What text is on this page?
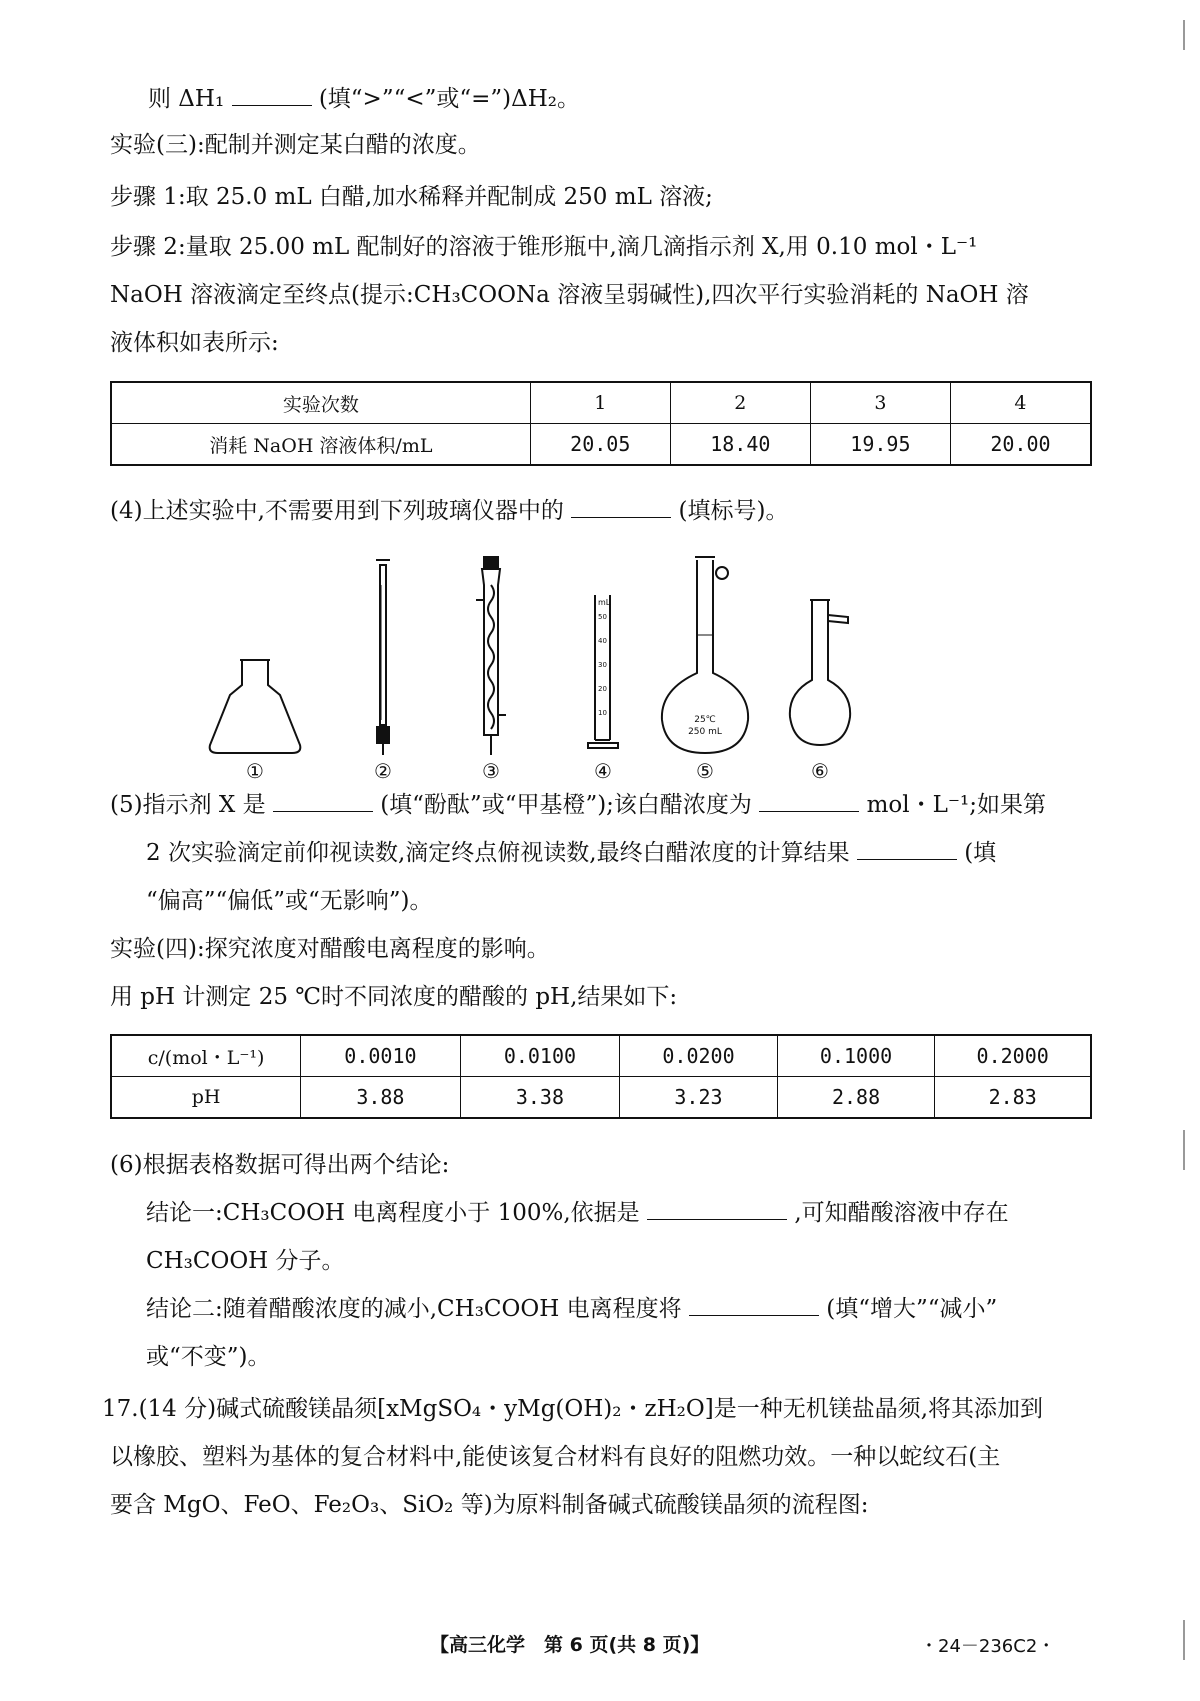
则 ΔH₁	(填“>”“<”或“=”)ΔH₂。
实验(三):配制并测定某白醋的浓度。
步骤 1:取 25.0 mL 白醋,加水稀释并配制成 250 mL 溶液;
步骤 2:量取 25.00 mL 配制好的溶液于锥形瓶中,滴几滴指示剂 X,用 0.10 mol・L⁻¹
NaOH 溶液滴定至终点(提示:CH₃COONa 溶液呈弱碱性),四次平行实验消耗的 NaOH 溶
液体积如表所示:
实验次数	1	2	3	4
消耗 NaOH 溶液体积/mL	20.05	18.40	19.95	20.00
(4)上述实验中,不需要用到下列玻璃仪器中的	(填标号)。
mL
50
40
30
20
10
25℃
250 mL
①	②	③	④	⑤	⑥
(5)指示剂 X 是	(填“酚酞”或“甲基橙”);该白醋浓度为	mol・L⁻¹;如果第
2 次实验滴定前仰视读数,滴定终点俯视读数,最终白醋浓度的计算结果	(填
“偏高”“偏低”或“无影响”)。
实验(四):探究浓度对醋酸电离程度的影响。
用 pH 计测定 25 ℃时不同浓度的醋酸的 pH,结果如下:
c/(mol・L⁻¹)	0.0010	0.0100	0.0200	0.1000	0.2000
pH	3.88	3.38	3.23	2.88	2.83
(6)根据表格数据可得出两个结论:
结论一:CH₃COOH 电离程度小于 100%,依据是	,可知醋酸溶液中存在
CH₃COOH 分子。
结论二:随着醋酸浓度的减小,CH₃COOH 电离程度将	(填“增大”“减小”
或“不变”)。
17.(14 分)碱式硫酸镁晶须[xMgSO₄・yMg(OH)₂・zH₂O]是一种无机镁盐晶须,将其添加到
以橡胶、塑料为基体的复合材料中,能使该复合材料有良好的阻燃功效。一种以蛇纹石(主
要含 MgO、FeO、Fe₂O₃、SiO₂ 等)为原料制备碱式硫酸镁晶须的流程图:
【高三化学　第 6 页(共 8 页)】	・24－236C2・
